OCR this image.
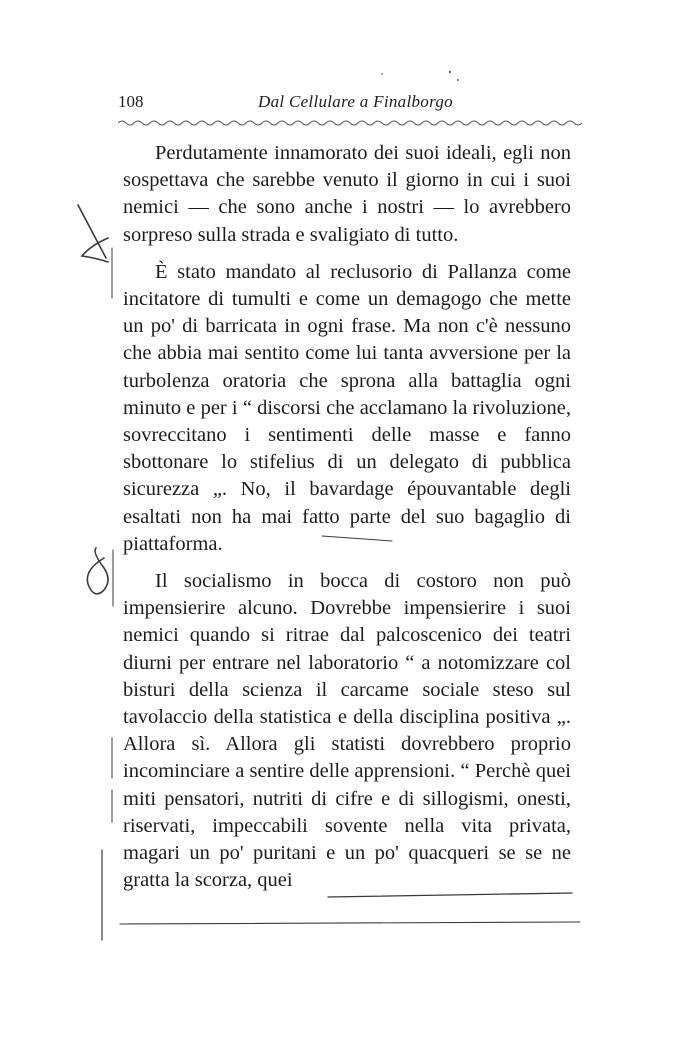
108	Dal Cellulare a Finalborgo

Perdutamente innamorato dei suoi ideali, egli non sospettava che sarebbe venuto il giorno in cui i suoi nemici — che sono anche i nostri — lo avrebbero sorpreso sulla strada e svaligiato di tutto.

È stato mandato al reclusorio di Pallanza come incitatore di tumulti e come un demagogo che mette un po' di barricata in ogni frase. Ma non c'è nessuno che abbia mai sentito come lui tanta avversione per la turbolenza oratoria che sprona alla battaglia ogni minuto e per i “ discorsi che acclamano la rivoluzione, sovreccitano i sentimenti delle masse e fanno sbottonare lo stifelius di un delegato di pubblica sicurezza „. No, il bavardage épouvantable degli esaltati non ha mai fatto parte del suo bagaglio di piattaforma.

Il socialismo in bocca di costoro non può impensierire alcuno. Dovrebbe impensierire i suoi nemici quando si ritrae dal palcoscenico dei teatri diurni per entrare nel laboratorio “ a notomizzare col bisturi della scienza il carcame sociale steso sul tavolaccio della statistica e della disciplina positiva „. Allora sì. Allora gli statisti dovrebbero proprio incominciare a sentire delle apprensioni. “ Perchè quei miti pensatori, nutriti di cifre e di sillogismi, onesti, riservati, impeccabili sovente nella vita privata, magari un po' puritani e un po' quacqueri se se ne gratta la scorza, quei
